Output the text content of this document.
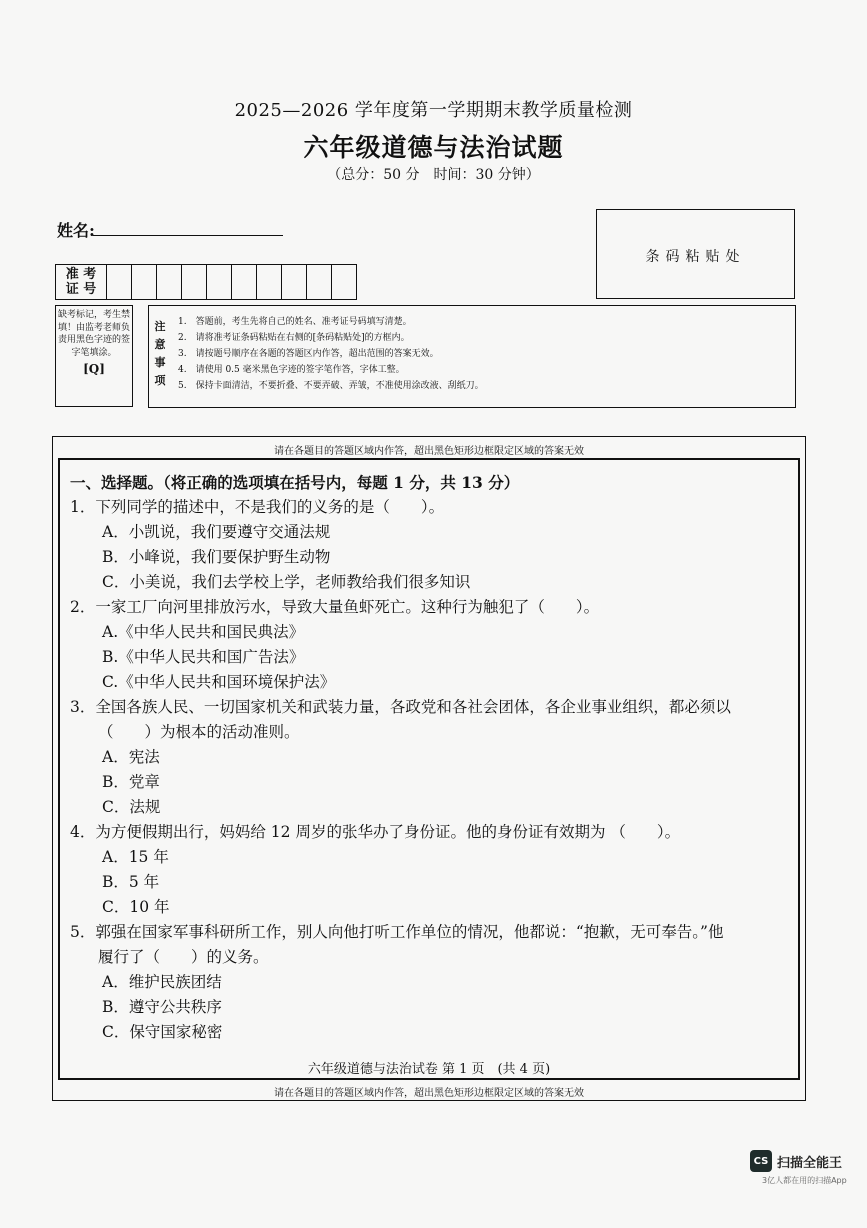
2025—2026 学年度第一学期期末教学质量检测
六年级道德与法治试题
（总分：50 分　时间：30 分钟）
姓名:
条码粘贴处
准 考
证 号
缺考标记，考生禁填！由监考老师负责用黑色字迹的签字笔填涂。
[Q]
注
意
事
项
1.　答题前，考生先将自己的姓名、准考证号码填写清楚。
2.　请将准考证条码粘贴在右侧的[条码粘贴处]的方框内。
3.　请按题号顺序在各题的答题区内作答，超出范围的答案无效。
4.　请使用 0.5 毫米黑色字迹的签字笔作答，字体工整。
5.　保持卡面清洁，不要折叠、不要弄破、弄皱，不准使用涂改液、刮纸刀。
请在各题目的答题区域内作答，超出黑色矩形边框限定区域的答案无效
一、选择题。（将正确的选项填在括号内，每题 1 分，共 13 分）
1．下列同学的描述中，不是我们的义务的是（　　）。
A．小凯说，我们要遵守交通法规
B．小峰说，我们要保护野生动物
C．小美说，我们去学校上学，老师教给我们很多知识
2．一家工厂向河里排放污水，导致大量鱼虾死亡。这种行为触犯了（　　）。
A.《中华人民共和国民典法》
B.《中华人民共和国广告法》
C.《中华人民共和国环境保护法》
3．全国各族人民、一切国家机关和武装力量，各政党和各社会团体，各企业事业组织，都必须以
（　　）为根本的活动准则。
A．宪法
B．党章
C．法规
4．为方便假期出行，妈妈给 12 周岁的张华办了身份证。他的身份证有效期为 （　　）。
A．15 年
B．5 年
C．10 年
5．郭强在国家军事科研所工作，别人向他打听工作单位的情况，他都说：“抱歉，无可奉告。”他
履行了（　　）的义务。
A．维护民族团结
B．遵守公共秩序
C．保守国家秘密
六年级道德与法治试卷 第 1 页　(共 4 页)
请在各题目的答题区域内作答，超出黑色矩形边框限定区域的答案无效
CS 扫描全能王
3亿人都在用的扫描App
